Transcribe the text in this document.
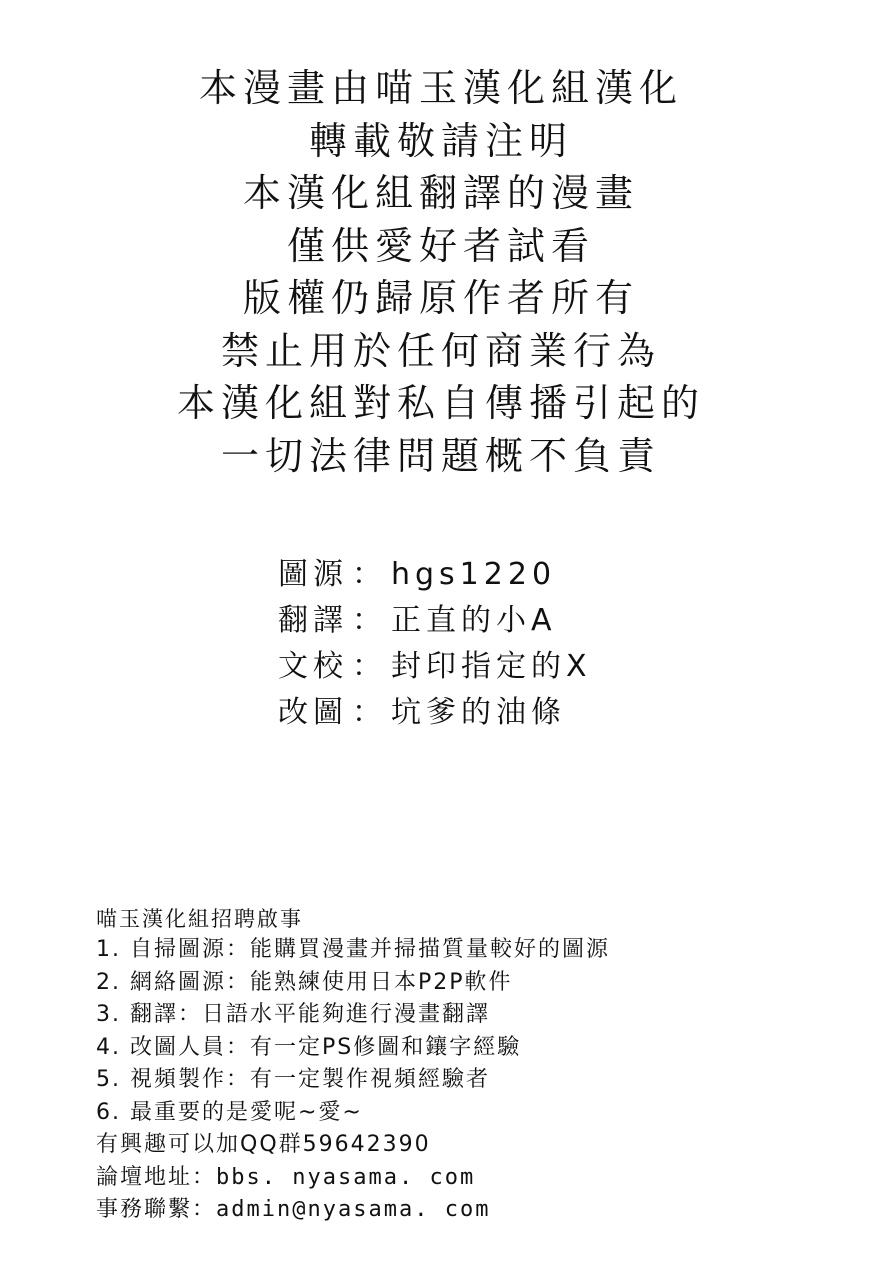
本漫畫由喵玉漢化組漢化
轉載敬請注明
本漢化組翻譯的漫畫
僅供愛好者試看
版權仍歸原作者所有
禁止用於任何商業行為
本漢化組對私自傳播引起的
一切法律問題概不負責
圖源 ： hgs1220
翻譯 ： 正直的小A
文校 ： 封印指定的X
改圖 ： 坑爹的油條
喵玉漢化組招聘啟事
1. 自掃圖源：能購買漫畫并掃描質量較好的圖源
2. 網絡圖源：能熟練使用日本P2P軟件
3. 翻譯：日語水平能夠進行漫畫翻譯
4. 改圖人員：有一定PS修圖和鑲字經驗
5. 視頻製作：有一定製作視頻經驗者
6. 最重要的是愛呢~愛~
有興趣可以加QQ群59642390
論壇地址：bbs. nyasama. com
事務聯繫：admin@nyasama. com
